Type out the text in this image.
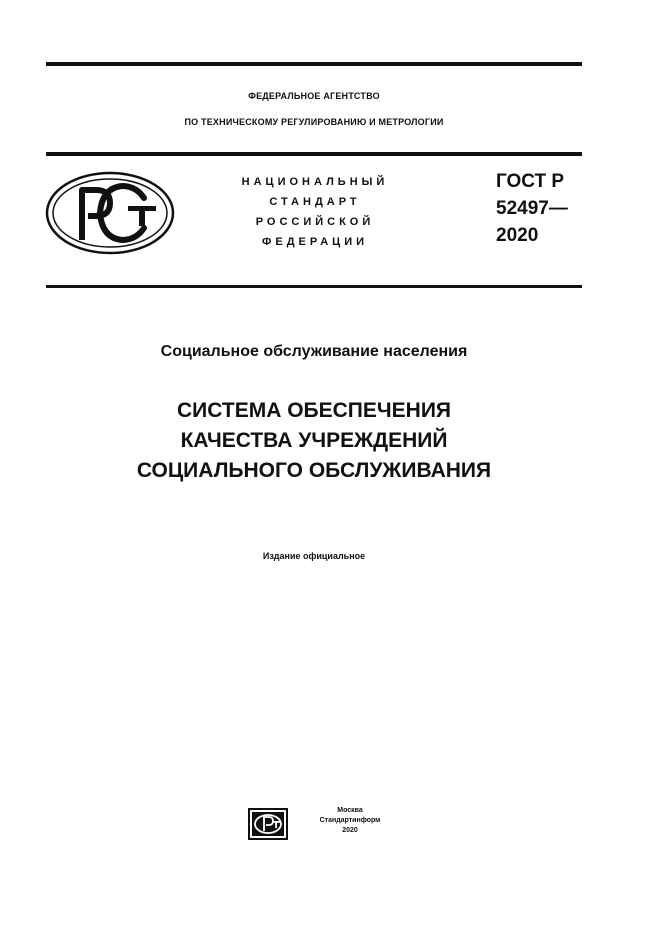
ФЕДЕРАЛЬНОЕ АГЕНТСТВО
ПО ТЕХНИЧЕСКОМУ РЕГУЛИРОВАНИЮ И МЕТРОЛОГИИ
НАЦИОНАЛЬНЫЙ
СТАНДАРТ
РОССИЙСКОЙ
ФЕДЕРАЦИИ
ГОСТ Р
52497—
2020
Социальное обслуживание населения
СИСТЕМА ОБЕСПЕЧЕНИЯ
КАЧЕСТВА УЧРЕЖДЕНИЙ
СОЦИАЛЬНОГО ОБСЛУЖИВАНИЯ
Издание официальное
Москва
Стандартинформ
2020
